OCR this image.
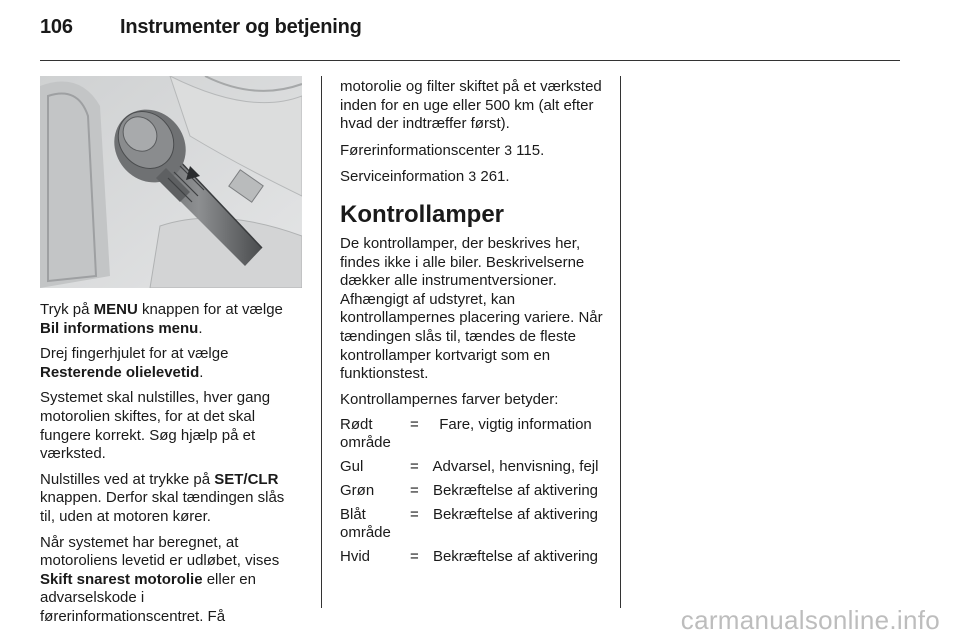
106 Instrumenter og betjening

Tryk på MENU knappen for at vælge Bil informations menu.

Drej fingerhjulet for at vælge Resterende olielevetid.

Systemet skal nulstilles, hver gang motorolien skiftes, for at det skal fungere korrekt. Søg hjælp på et værksted.

Nulstilles ved at trykke på SET/CLR knappen. Derfor skal tændingen slås til, uden at motoren kører.

Når systemet har beregnet, at motoroliens levetid er udløbet, vises Skift snarest motorolie eller en advarselskode i førerinformationscentret. Få

motorolie og filter skiftet på et værksted inden for en uge eller 500 km (alt efter hvad der indtræffer først).

Førerinformationscenter 3 115.

Serviceinformation 3 261.

Kontrollamper

De kontrollamper, der beskrives her, findes ikke i alle biler. Beskrivelserne dækker alle instrumentversioner. Afhængigt af udstyret, kan kontrollampernes placering variere. Når tændingen slås til, tændes de fleste kontrollamper kortvarigt som en funktionstest.

Kontrollampernes farver betyder:

Rødt område	=	Fare, vigtig information
Gul	=	Advarsel, henvisning, fejl
Grøn	=	Bekræftelse af aktivering
Blåt område	=	Bekræftelse af aktivering
Hvid	=	Bekræftelse af aktivering
carmanualsonline.info
